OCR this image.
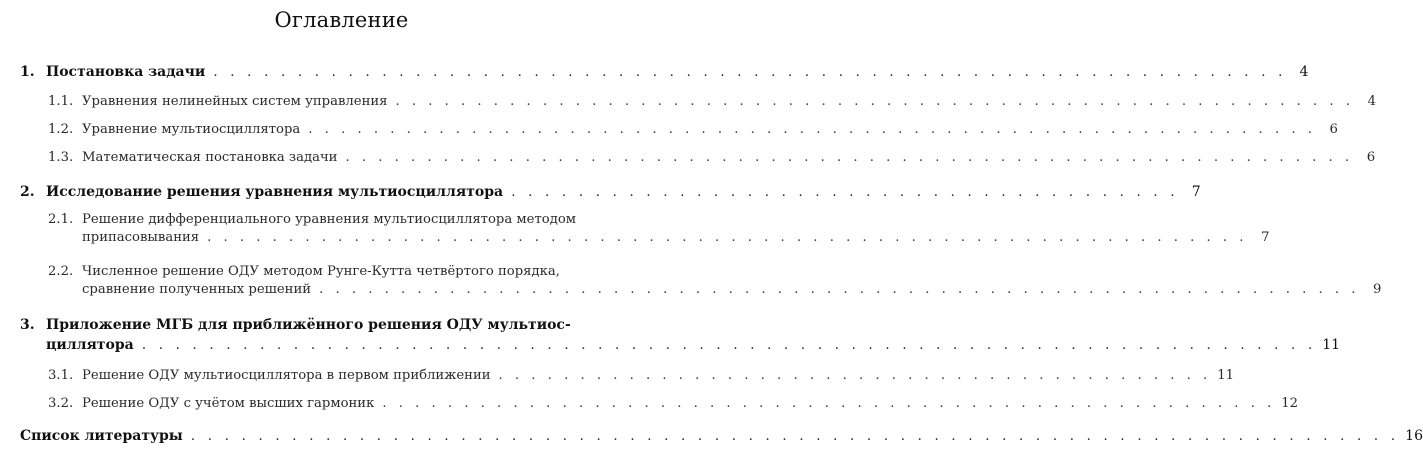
Оглавление
1. Постановка задачи . . . . . . . . . . . . . . . . . . . . . . . . . . . . . . . . . . . . . . . . . . . . . . . . . . . . . . . . . . . . . . . . 4
1.1. Уравнения нелинейных систем управления . . . . . . . . . . . . . . . . . . . . . . . . . . . . . . . . . . . . . . . . . . . . . . . . . . . . . . . . . . .	4
1.2. Уравнение мультиосциллятора . . . . . . . . . . . . . . . . . . . . . . . . . . . . . . . . . . . . . . . . . . . . . . . . . . . . . . . . . . . . . .	6
1.3. Математическая постановка задачи . . . . . . . . . . . . . . . . . . . . . . . . . . . . . . . . . . . . . . . . . . . . . . . . . . . . . . . . . . . . . .	6
2. Исследование решения уравнения мультиосциллятора . . . . . . . . . . . . . . . . . . . . . . . . . . . . . . . . . . . . . . . . 7
2.1. Решение дифференциального уравнения мультиосциллятора методом
припасовывания . . . . . . . . . . . . . . . . . . . . . . . . . . . . . . . . . . . . . . . . . . . . . . . . . . . . . . . . . . . . . . . .	7
2.2. Численное решение ОДУ методом Рунге-Кутта четвёртого порядка,
сравнение полученных решений . . . . . . . . . . . . . . . . . . . . . . . . . . . . . . . . . . . . . . . . . . . . . . . . . . . . . . . . . . . . . . . .	9
3. Приложение МГБ для приближённого решения ОДУ мультиос-
циллятора . . . . . . . . . . . . . . . . . . . . . . . . . . . . . . . . . . . . . . . . . . . . . . . . . . . . . . . . . . . . . . . . . . . . . . 11
3.1. Решение ОДУ мультиосциллятора в первом приближении . . . . . . . . . . . . . . . . . . . . . . . . . . . . . . . . . . . . . . . . . . . . 11
3.2. Решение ОДУ с учётом высших гармоник . . . . . . . . . . . . . . . . . . . . . . . . . . . . . . . . . . . . . . . . . . . . . . . . . . . . . . . 12
Список литературы . . . . . . . . . . . . . . . . . . . . . . . . . . . . . . . . . . . . . . . . . . . . . . . . . . . . . . . . . . . . . . . . . . . . . . . . 16
